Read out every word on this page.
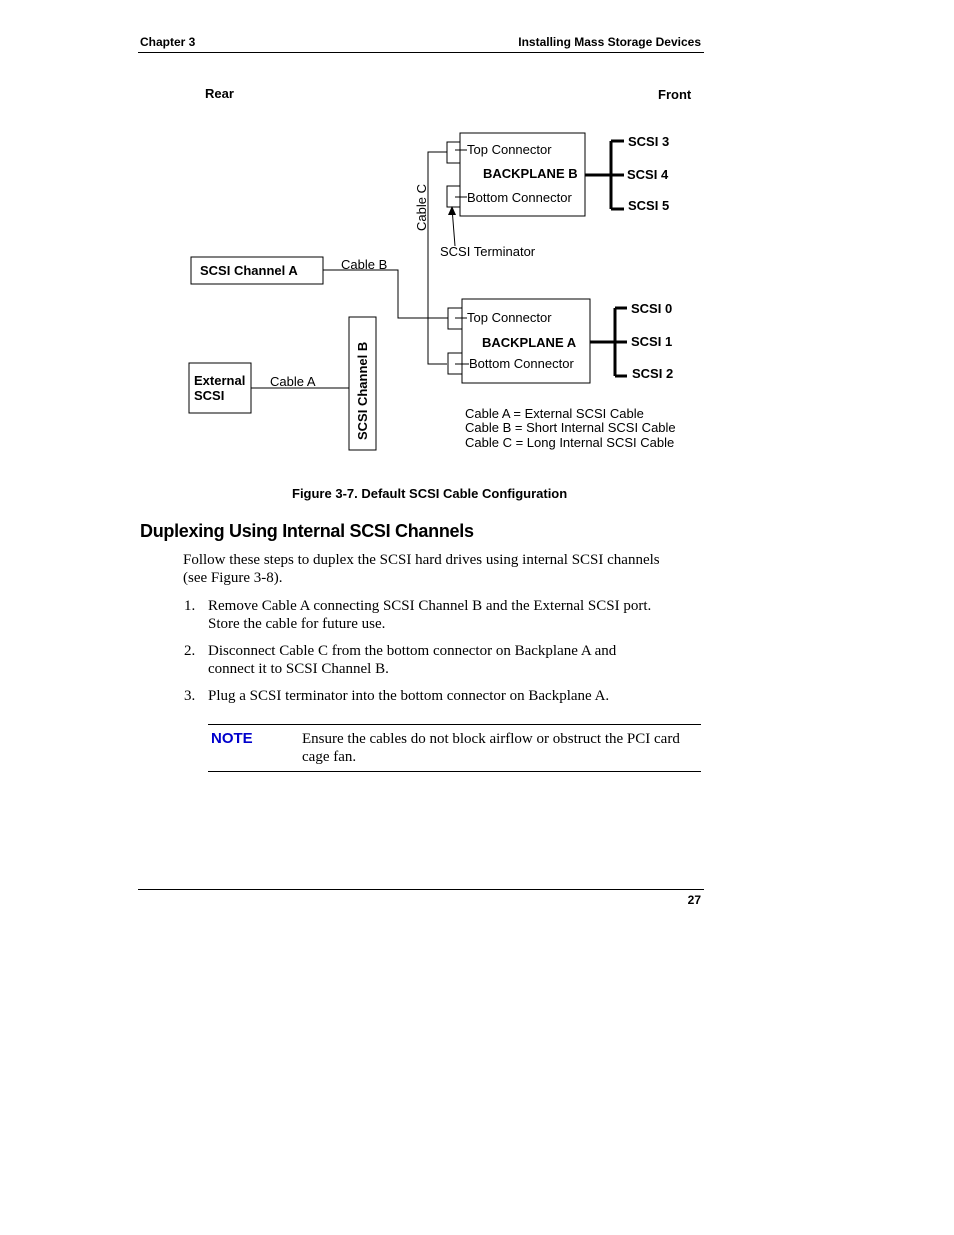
Chapter 3	Installing Mass Storage Devices
Rear	Front
Top Connector
BACKPLANE B
Bottom Connector
SCSI 3
SCSI 4
SCSI 5
Cable C
SCSI Terminator
Top Connector
BACKPLANE A
Bottom Connector
SCSI 0
SCSI 1
SCSI 2
SCSI Channel A	Cable B
SCSI Channel B
External
SCSI
Cable A
Cable A = External SCSI Cable
Cable B = Short Internal SCSI Cable
Cable C = Long Internal SCSI Cable
Figure 3-7. Default SCSI Cable Configuration
Duplexing Using Internal SCSI Channels
Follow these steps to duplex the SCSI hard drives using internal SCSI channels
(see Figure 3-8).
1. Remove Cable A connecting SCSI Channel B and the External SCSI port.
Store the cable for future use.
2. Disconnect Cable C from the bottom connector on Backplane A and
connect it to SCSI Channel B.
3. Plug a SCSI terminator into the bottom connector on Backplane A.
NOTE	Ensure the cables do not block airflow or obstruct the PCI card
cage fan.
27
